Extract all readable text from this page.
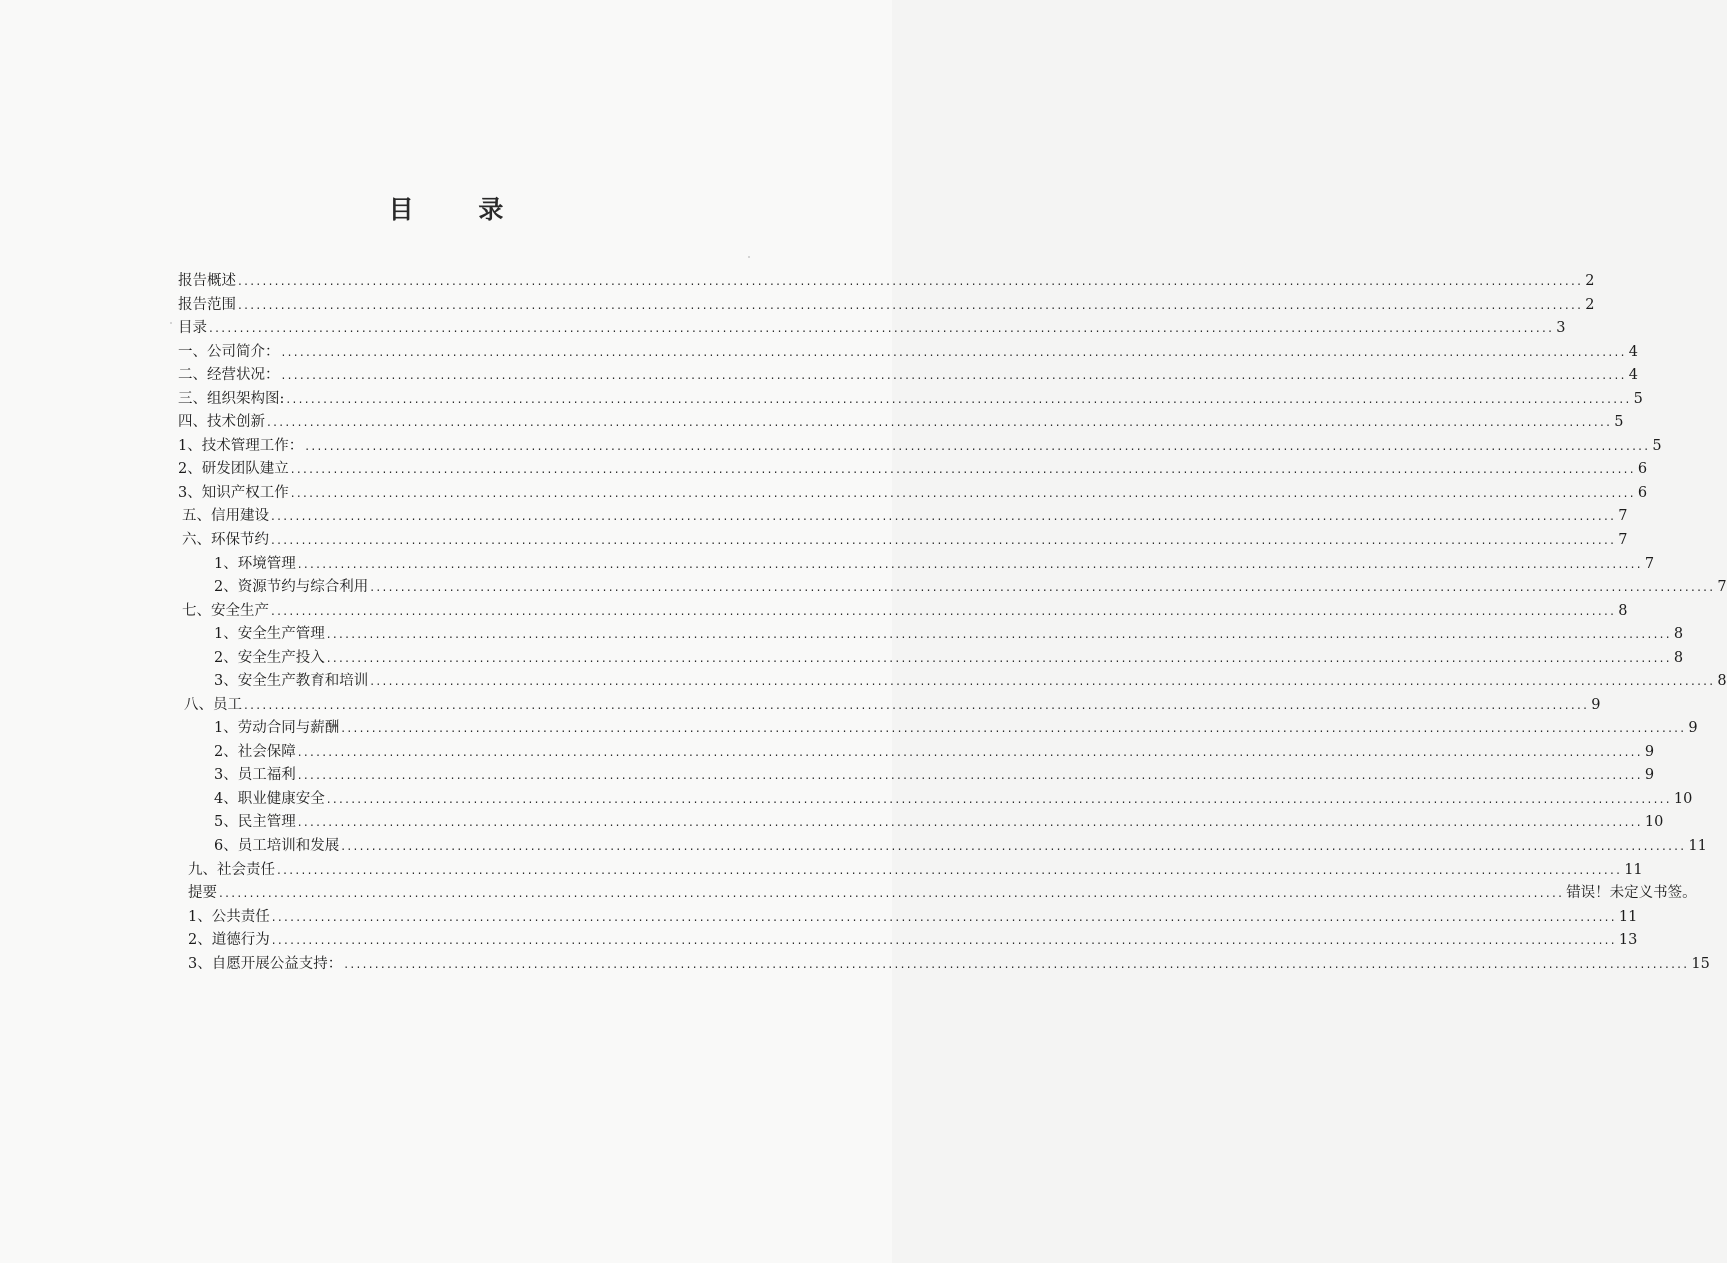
目 录
报告概述 ............................................................................................................................................................................................................................ 2
报告范围 ............................................................................................................................................................................................................................ 2
目录 ............................................................................................................................................................................................................................ 3
一、公司简介： ............................................................................................................................................................................................................................ 4
二、经营状况： ............................................................................................................................................................................................................................ 4
三、组织架构图: ............................................................................................................................................................................................................................ 5
四、技术创新 ............................................................................................................................................................................................................................ 5
1、技术管理工作： ............................................................................................................................................................................................................................ 5
2、研发团队建立 ............................................................................................................................................................................................................................ 6
3、知识产权工作 ............................................................................................................................................................................................................................ 6
五、信用建设 ............................................................................................................................................................................................................................ 7
六、环保节约 ............................................................................................................................................................................................................................ 7
1、环境管理 ............................................................................................................................................................................................................................ 7
2、资源节约与综合利用 ............................................................................................................................................................................................................................ 7
七、安全生产 ............................................................................................................................................................................................................................ 8
1、安全生产管理 ............................................................................................................................................................................................................................ 8
2、安全生产投入 ............................................................................................................................................................................................................................ 8
3、安全生产教育和培训 ............................................................................................................................................................................................................................ 8
八、员工 ............................................................................................................................................................................................................................ 9
1、劳动合同与薪酬 ............................................................................................................................................................................................................................ 9
2、社会保障 ............................................................................................................................................................................................................................ 9
3、员工福利 ............................................................................................................................................................................................................................ 9
4、职业健康安全 ............................................................................................................................................................................................................................ 10
5、民主管理 ............................................................................................................................................................................................................................ 10
6、员工培训和发展 ............................................................................................................................................................................................................................ 11
九、社会责任 ............................................................................................................................................................................................................................ 11
提要 ............................................................................................................................................................................................................................ 错误！未定义书签。
1、公共责任 ............................................................................................................................................................................................................................ 11
2、道德行为 ............................................................................................................................................................................................................................ 13
3、自愿开展公益支持： ............................................................................................................................................................................................................................ 15
